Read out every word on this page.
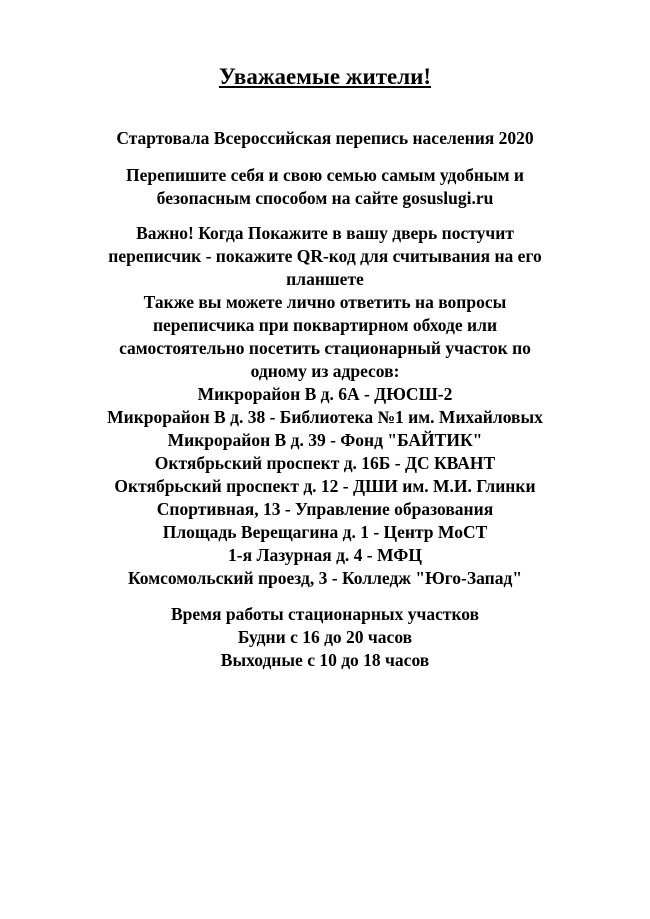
Уважаемые жители!

Стартовала Всероссийская перепись населения 2020

Перепишите себя и свою семью самым удобным и

безопасным способом на сайте gosuslugi.ru

Важно! Когда Покажите в вашу дверь постучит

переписчик - покажите QR-код для считывания на его

планшете

Также вы можете лично ответить на вопросы

переписчика при поквартирном обходе или

самостоятельно посетить стационарный участок по

одному из адресов:

Микрорайон В д. 6А - ДЮСШ-2

Микрорайон В д. 38 - Библиотека №1 им. Михайловых

Микрорайон В д. 39 - Фонд "БАЙТИК"

Октябрьский проспект д. 16Б - ДС КВАНТ

Октябрьский проспект д. 12 - ДШИ им. М.И. Глинки

Спортивная, 13 - Управление образования

Площадь Верещагина д. 1 - Центр МоСТ

1-я Лазурная д. 4 - МФЦ

Комсомольский проезд, 3 - Колледж "Юго-Запад"

Время работы стационарных участков

Будни с 16 до 20 часов

Выходные с 10 до 18 часов
